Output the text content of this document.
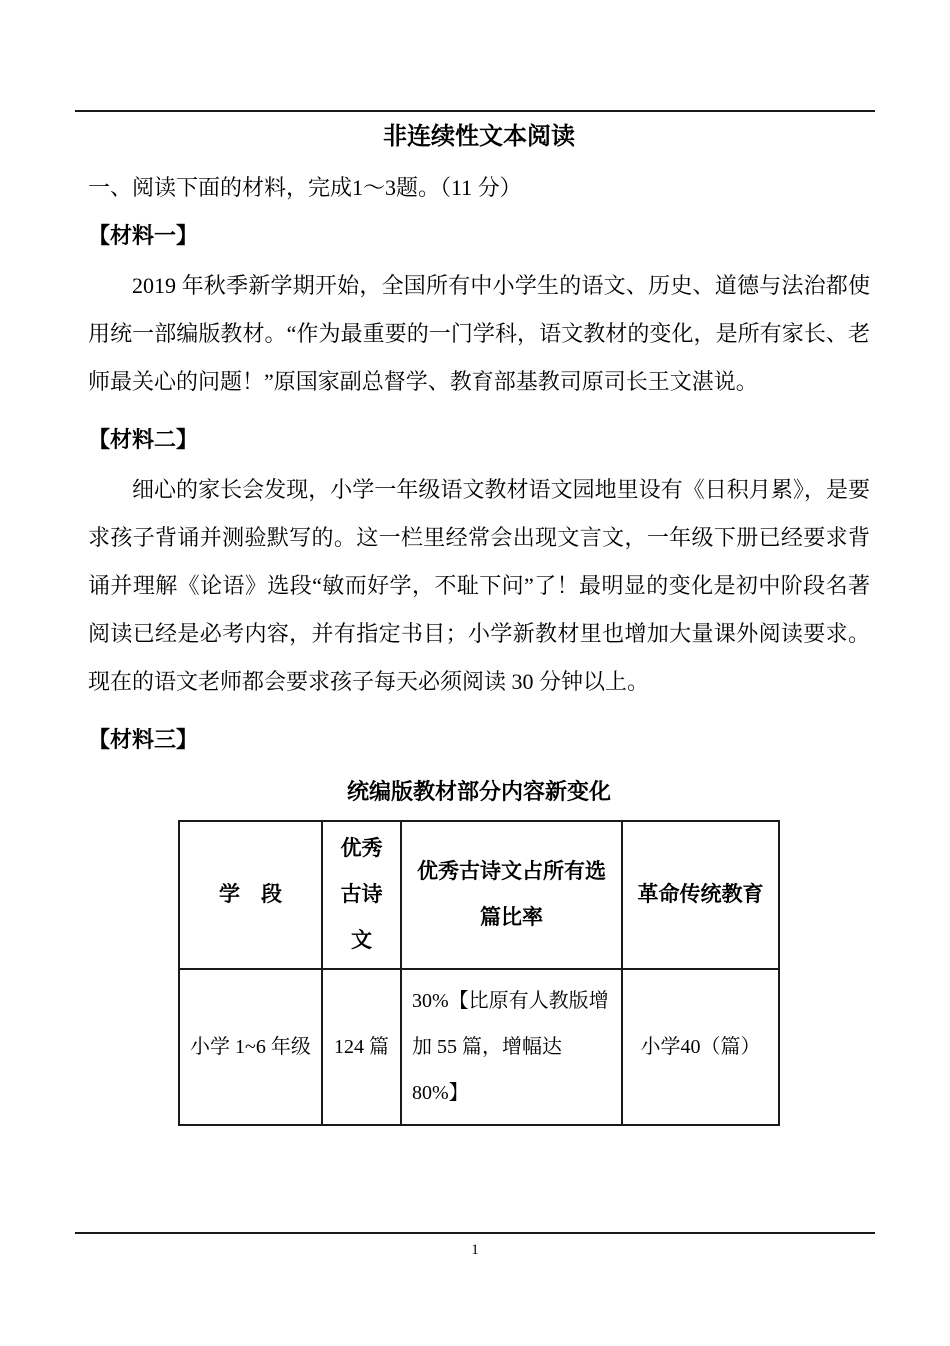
非连续性文本阅读

一、阅读下面的材料，完成1～3题。（11 分）

【材料一】

2019 年秋季新学期开始，全国所有中小学生的语文、历史、道德与法治都使用统一部编版教材。“作为最重要的一门学科，语文教材的变化，是所有家长、老师最关心的问题！”原国家副总督学、教育部基教司原司长王文湛说。

【材料二】

细心的家长会发现，小学一年级语文教材语文园地里设有《日积月累》，是要求孩子背诵并测验默写的。这一栏里经常会出现文言文，一年级下册已经要求背诵并理解《论语》选段“敏而好学，不耻下问”了！最明显的变化是初中阶段名著阅读已经是必考内容，并有指定书目；小学新教材里也增加大量课外阅读要求。现在的语文老师都会要求孩子每天必须阅读 30 分钟以上。

【材料三】

统编版教材部分内容新变化
学　段	优秀古诗文	优秀古诗文占所有选篇比率	革命传统教育
小学 1~6 年级	124 篇	30%【比原有人教版增加 55 篇，增幅达 80%】	小学40（篇）
1
